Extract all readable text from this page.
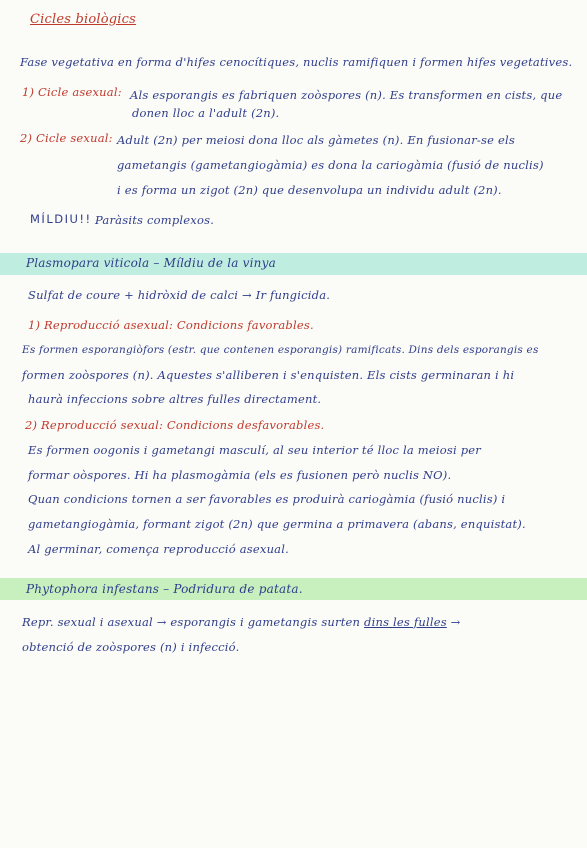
Cicles biològics
Fase vegetativa en forma d'hifes cenocítiques, nuclis ramifiquen i formen hifes vegetatives.
1) Cicle asexual: Als esporangis es fabriquen zoòspores (n). Es transformen en cists, que
donen lloc a l'adult (2n).
2) Cicle sexual: Adult (2n) per meiosi dona lloc als gàmetes (n). En fusionar-se els
gametangis (gametangiogàmia) es dona la cariogàmia (fusió de nuclis)
i es forma un zigot (2n) que desenvolupa un individu adult (2n).
MÍLDIU!! Paràsits complexos.
Plasmopara viticola – Míldiu de la vinya
Sulfat de coure + hidròxid de calci → Ir fungicida.
1) Reproducció asexual: Condicions favorables.
Es formen esporangiòfors (estr. que contenen esporangis) ramificats. Dins dels esporangis es
formen zoòspores (n). Aquestes s'alliberen i s'enquisten. Els cists germinaran i hi
haurà infeccions sobre altres fulles directament.
2) Reproducció sexual: Condicions desfavorables.
Es formen oogonis i gametangi masculí, al seu interior té lloc la meiosi per
formar oòspores. Hi ha plasmogàmia (els es fusionen però nuclis NO).
Quan condicions tornen a ser favorables es produirà cariogàmia (fusió nuclis) i
gametangiogàmia, formant zigot (2n) que germina a primavera (abans, enquistat).
Al germinar, comença reproducció asexual.
Phytophora infestans – Podridura de patata.
Repr. sexual i asexual → esporangis i gametangis surten dins les fulles →
obtenció de zoòspores (n) i infecció.
